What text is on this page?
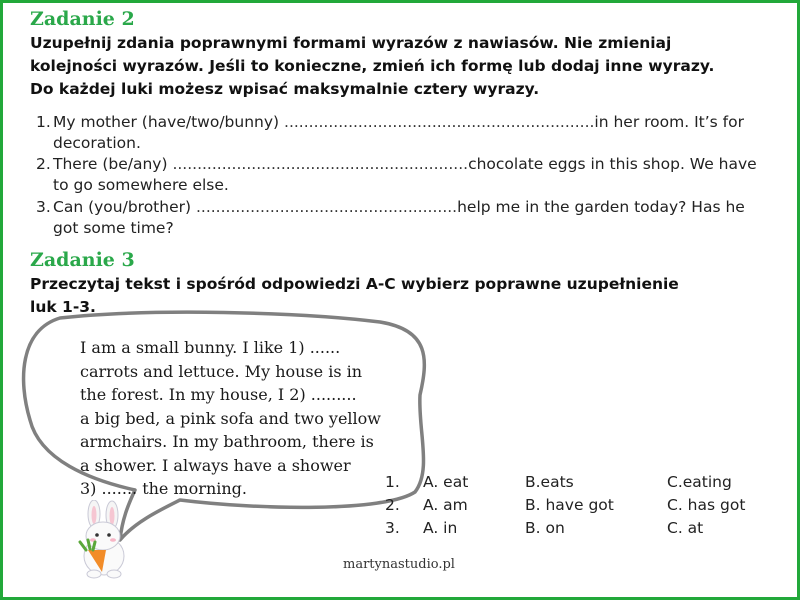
Zadanie 2
Uzupełnij zdania poprawnymi formami wyrazów z nawiasów. Nie zmieniaj
kolejności wyrazów. Jeśli to konieczne, zmień ich formę lub dodaj inne wyrazy.
Do każdej luki możesz wpisać maksymalnie cztery wyrazy.
1. My mother (have/two/bunny) ...............................................................in her room. It’s for
decoration.
2. There (be/any) ............................................................chocolate eggs in this shop. We have
to go somewhere else.
3. Can (you/brother) .....................................................help me in the garden today? Has he
got some time?
Zadanie 3
Przeczytaj tekst i spośród odpowiedzi A-C wybierz poprawne uzupełnienie
luk 1-3.
I am a small bunny. I like 1) ......
carrots and lettuce. My house is in
the forest. In my house, I 2) .........
a big bed, a pink sofa and two yellow
armchairs. In my bathroom, there is
a shower. I always have a shower
3) ....... the morning.	1. A. eat	B.eats	C.eating
2. A. am	B. have got	C. has got
3. A. in	B. on	C. at
martynastudio.pl
